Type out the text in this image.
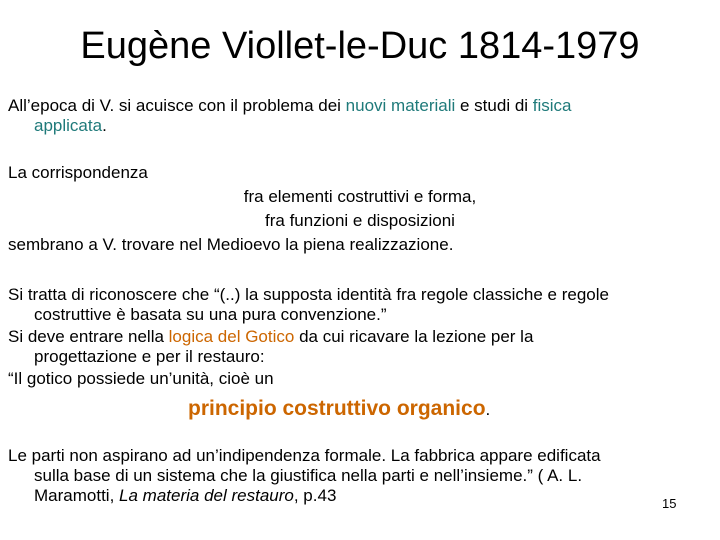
Eugène Viollet-le-Duc 1814-1979
All’epoca di V. si acuisce con il problema dei nuovi materiali e studi di fisica
applicata.
La corrispondenza
fra elementi costruttivi e forma,
fra funzioni e disposizioni
sembrano a V. trovare nel Medioevo la piena realizzazione.
Si tratta di riconoscere che “(..) la supposta identità fra regole classiche e regole
costruttive è basata su una pura convenzione.”
Si deve entrare nella logica del Gotico da cui ricavare la lezione per la
progettazione e per il restauro:
“Il gotico possiede un’unità, cioè un
principio costruttivo organico.
Le parti non aspirano ad un’indipendenza formale. La fabbrica appare edificata
sulla base di un sistema che la giustifica nella parti e nell’insieme.” ( A. L.
Maramotti, La materia del restauro, p.43	15
